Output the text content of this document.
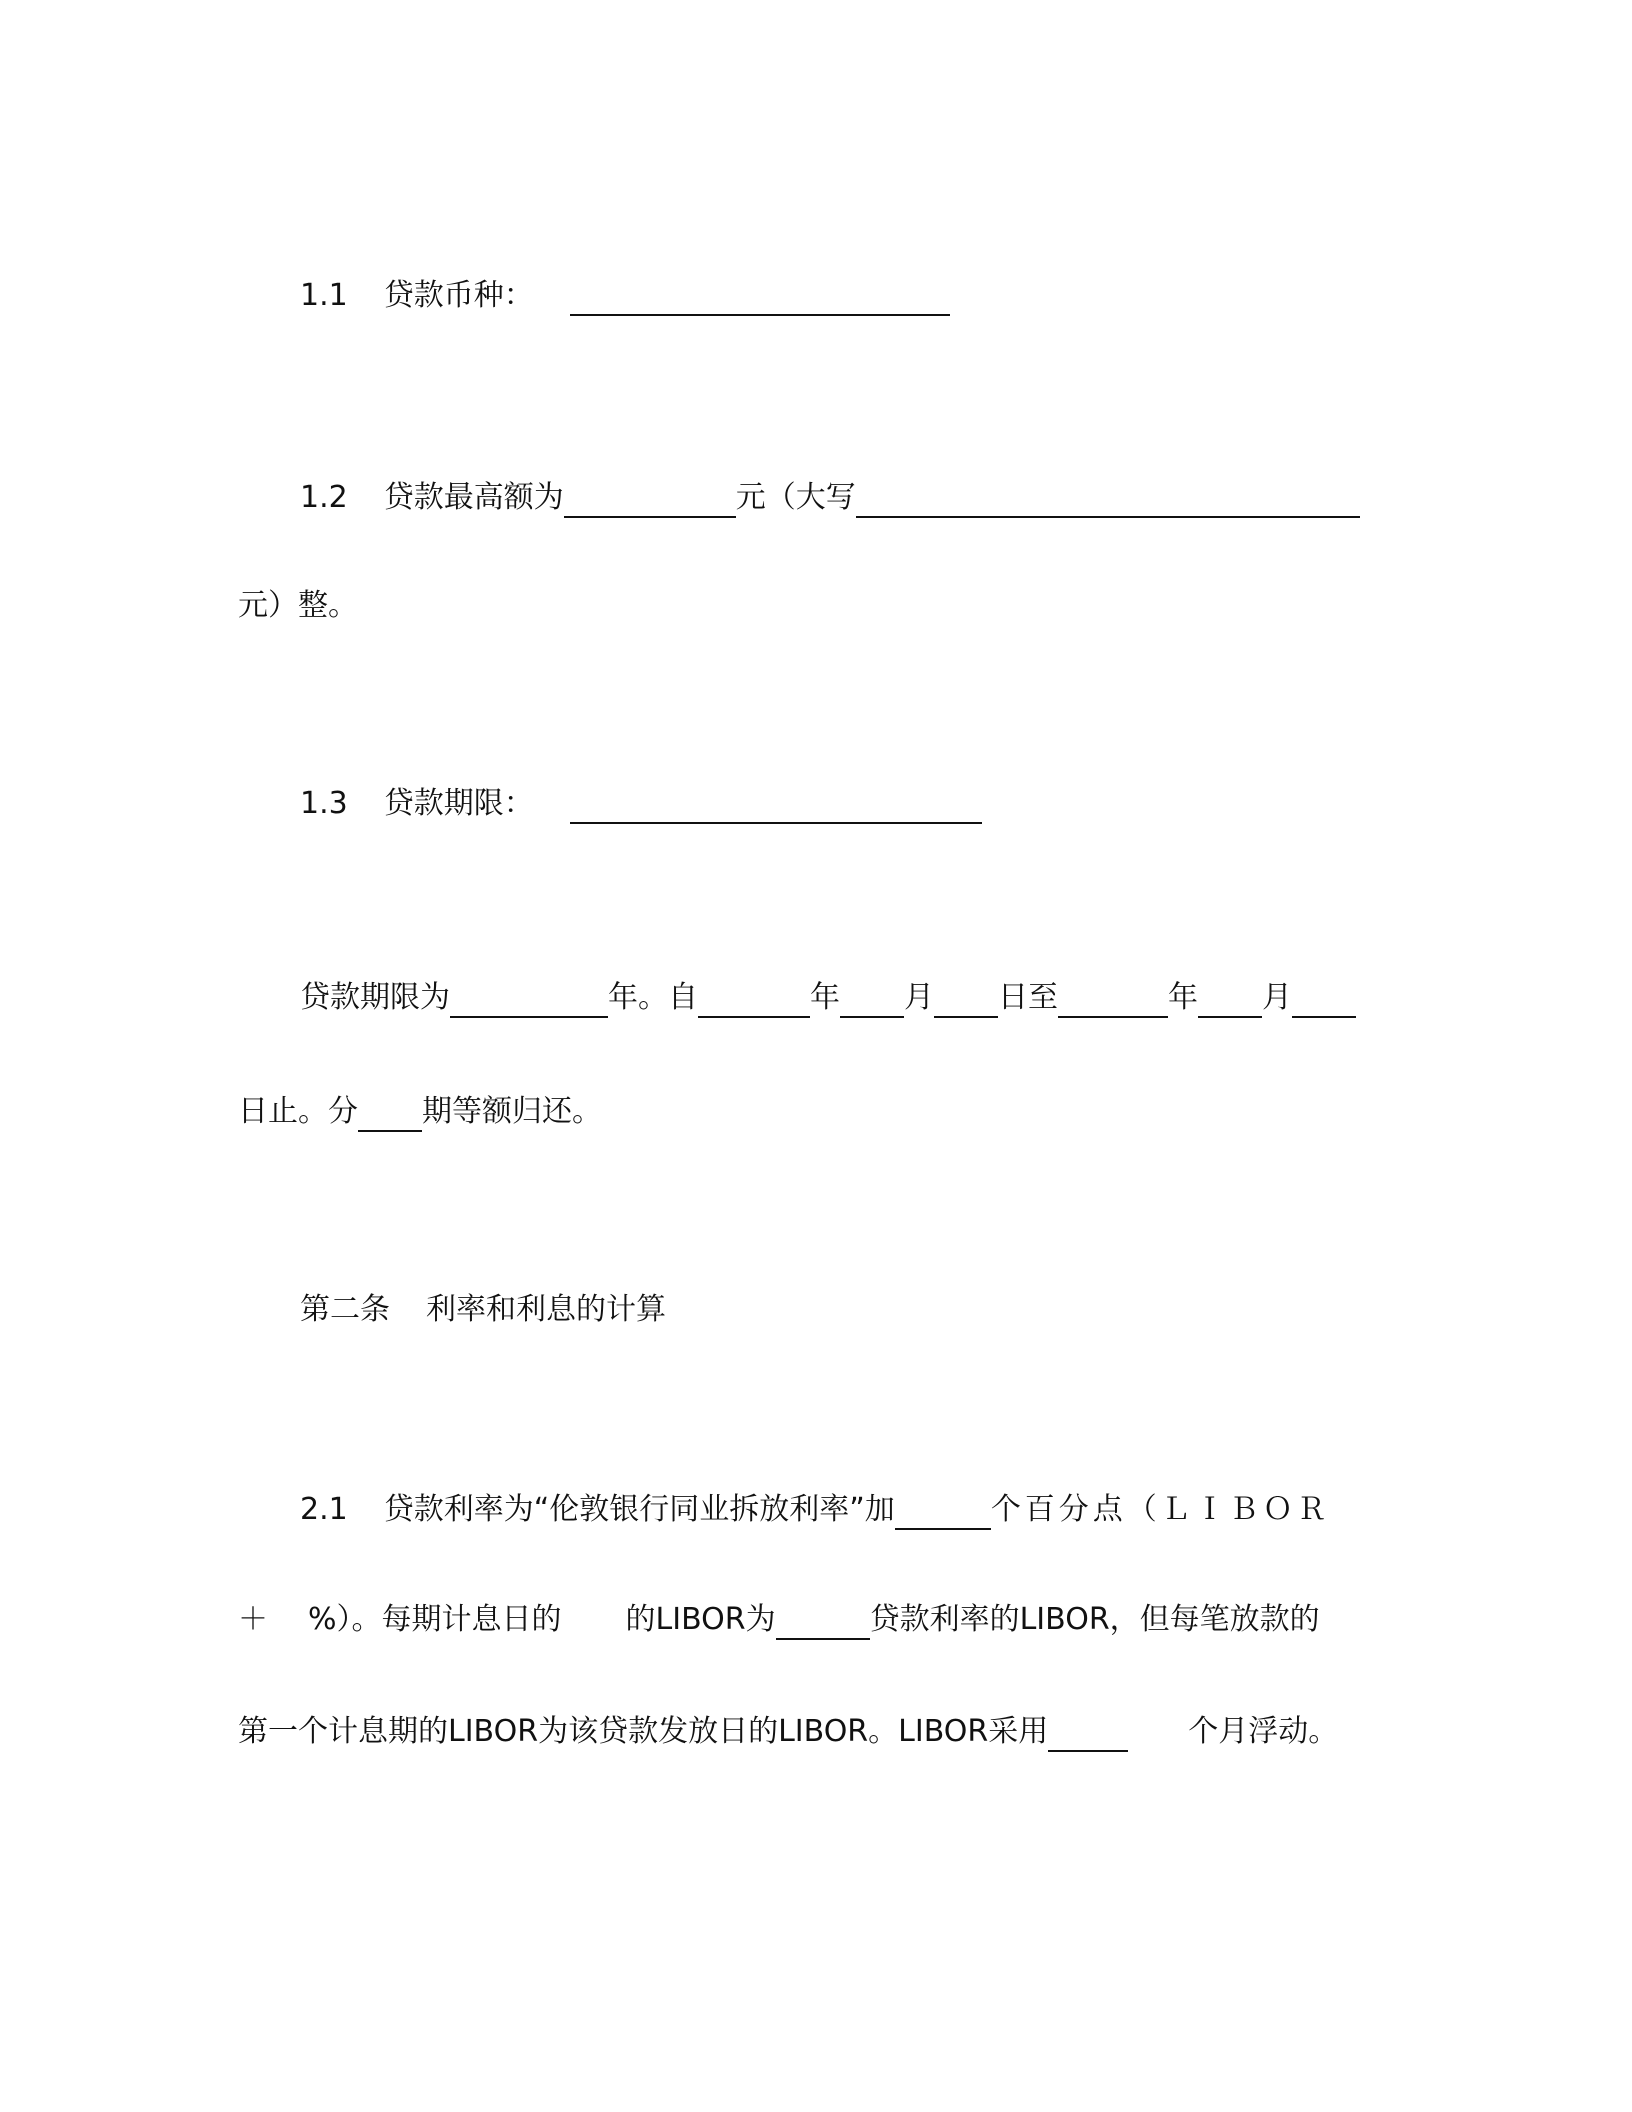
1.1 贷款币种：
1.2 贷款最高额为	元（大写
元）整。
1.3 贷款期限：
贷款期限为	年。自	年 月 日至	年 月
日止。分 期等额归还。
第二条 利率和利息的计算
2.1 贷款利率为“伦敦银行同业拆放利率”加	个百分点（ＬＩＢＯＲ
＋ %）。每期计息日的 的LIBOR为	贷款利率的LIBOR，但每笔放款的
第一个计息期的LIBOR为该贷款发放日的LIBOR。LIBOR采用	个月浮动。
